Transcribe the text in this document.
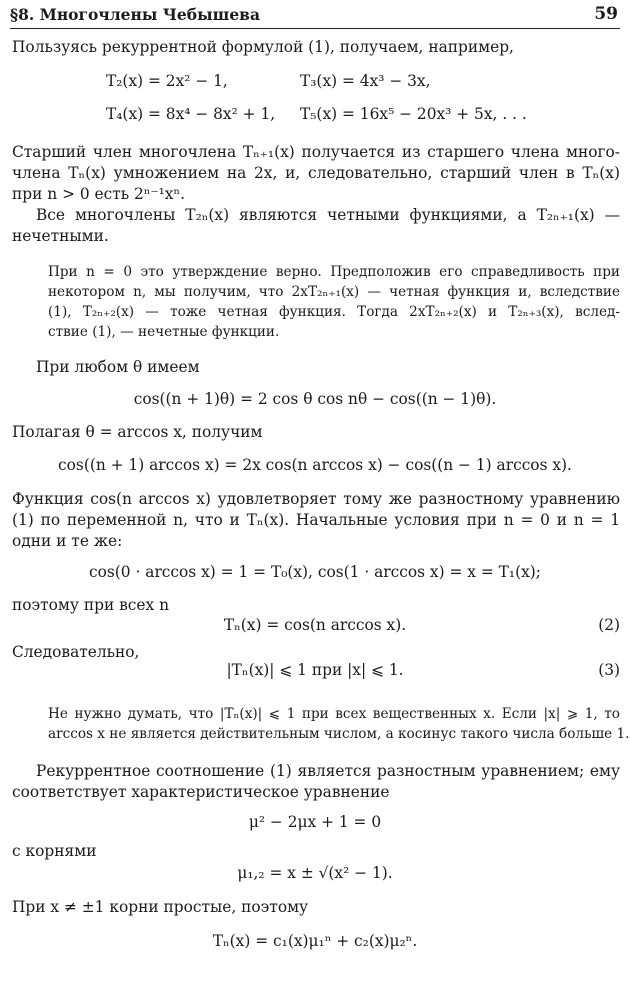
§8. Многочлены Чебышева	59
Пользуясь рекуррентной формулой (1), получаем, например,
T₂(x) = 2x² − 1,	T₃(x) = 4x³ − 3x,
T₄(x) = 8x⁴ − 8x² + 1, T₅(x) = 16x⁵ − 20x³ + 5x, . . .
Старший член многочлена Tₙ₊₁(x) получается из старшего члена много-
члена Tₙ(x) умножением на 2x, и, следовательно, старший член в Tₙ(x)
при n > 0 есть 2ⁿ⁻¹xⁿ.
Все многочлены T₂ₙ(x) являются четными функциями, а T₂ₙ₊₁(x) —
нечетными.
При n = 0 это утверждение верно. Предположив его справедливость при
некотором n, мы получим, что 2xT₂ₙ₊₁(x) — четная функция и, вследствие
(1), T₂ₙ₊₂(x) — тоже четная функция. Тогда 2xT₂ₙ₊₂(x) и T₂ₙ₊₃(x), вслед-
ствие (1), — нечетные функции.
При любом θ имеем
cos((n + 1)θ) = 2 cos θ cos nθ − cos((n − 1)θ).
Полагая θ = arccos x, получим
cos((n + 1) arccos x) = 2x cos(n arccos x) − cos((n − 1) arccos x).
Функция cos(n arccos x) удовлетворяет тому же разностному уравнению
(1) по переменной n, что и Tₙ(x). Начальные условия при n = 0 и n = 1
одни и те же:
cos(0 · arccos x) = 1 = T₀(x), cos(1 · arccos x) = x = T₁(x);
поэтому при всех n
Tₙ(x) = cos(n arccos x).	(2)
Следовательно,
|Tₙ(x)| ⩽ 1 при |x| ⩽ 1.	(3)
Не нужно думать, что |Tₙ(x)| ⩽ 1 при всех вещественных x. Если |x| ⩾ 1, то
arccos x не является действительным числом, а косинус такого числа больше 1.
Рекуррентное соотношение (1) является разностным уравнением; ему
соответствует характеристическое уравнение
μ² − 2μx + 1 = 0
с корнями
μ₁,₂ = x ± √(x² − 1).
При x ≠ ±1 корни простые, поэтому
Tₙ(x) = c₁(x)μ₁ⁿ + c₂(x)μ₂ⁿ.
